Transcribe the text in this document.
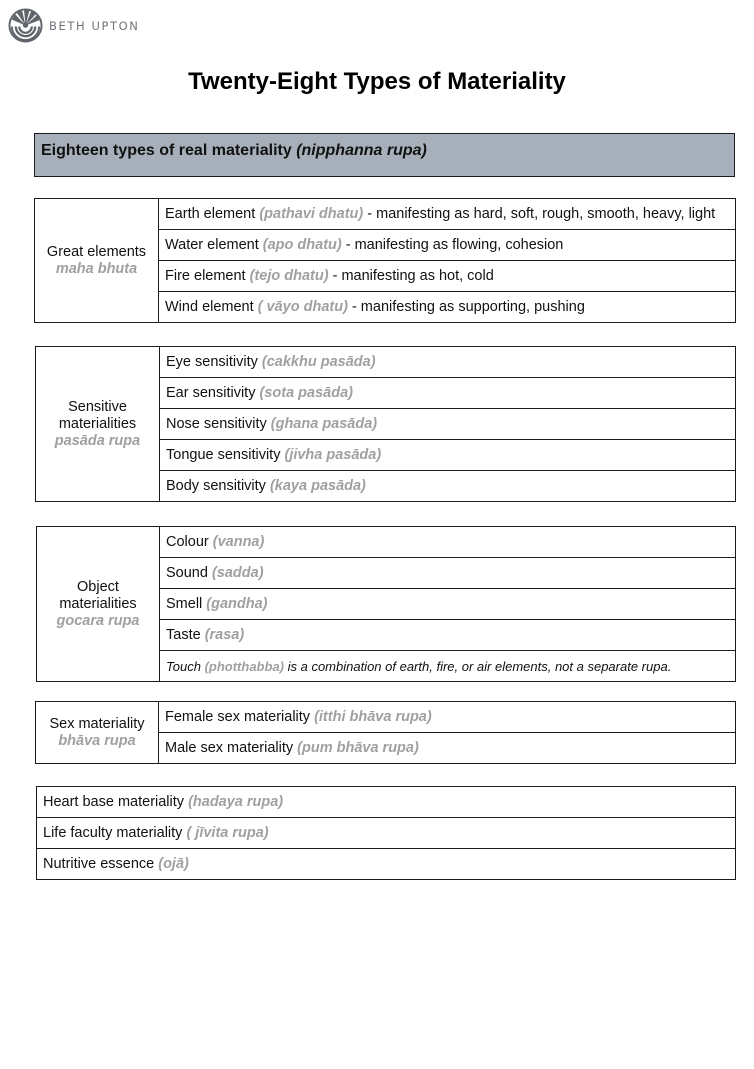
BETH UPTON
Twenty-Eight Types of Materiality
Eighteen types of real materiality (nipphanna rupa)
Great elements
maha bhuta
	Earth element (pathavi dhatu) - manifesting as hard, soft, rough, smooth, heavy, light
Water element (apo dhatu) - manifesting as flowing, cohesion
Fire element (tejo dhatu) - manifesting as hot, cold
Wind element ( vāyo dhatu) - manifesting as supporting, pushing
Sensitive materialities
pasāda rupa
	Eye sensitivity (cakkhu pasāda)
Ear sensitivity (sota pasāda)
Nose sensitivity (ghana pasāda)
Tongue sensitivity (jivha pasāda)
Body sensitivity (kaya pasāda)
Object materialities
gocara rupa
	Colour (vanna)
Sound (sadda)
Smell (gandha)
Taste (rasa)
Touch (photthabba) is a combination of earth, fire, or air elements, not a separate rupa.
Sex materiality
bhāva rupa
	Female sex materiality (itthi bhāva rupa)
Male sex materiality (pum bhāva rupa)
Heart base materiality (hadaya rupa)
Life faculty materiality ( jīvita rupa)
Nutritive essence (ojā)
